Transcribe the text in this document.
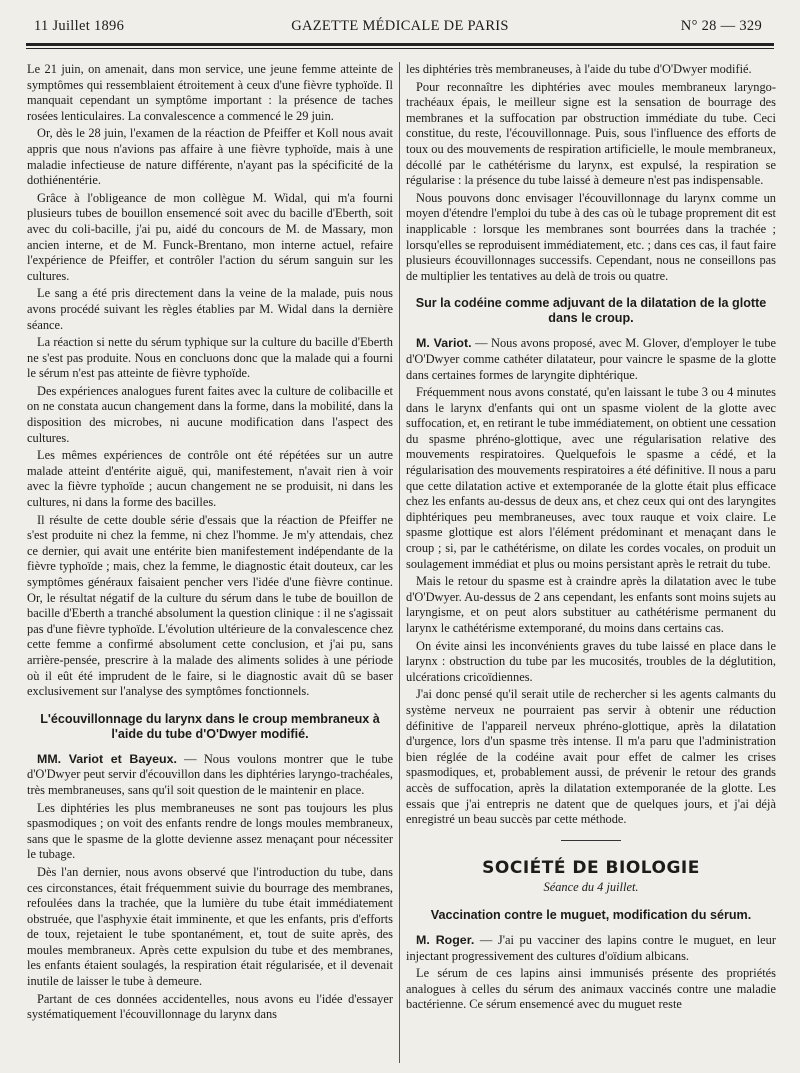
11 Juillet 1896	GAZETTE MÉDICALE DE PARIS	N° 28 — 329

Le 21 juin, on amenait, dans mon service, une jeune femme atteinte de symptômes qui ressemblaient étroitement à ceux d'une fièvre typhoïde. Il manquait cependant un symptôme important : la présence de taches rosées lenticulaires. La convalescence a commencé le 29 juin.

Or, dès le 28 juin, l'examen de la réaction de Pfeiffer et Koll nous avait appris que nous n'avions pas affaire à une fièvre typhoïde, mais à une maladie infectieuse de nature différente, n'ayant pas la spécificité de la dothiénentérie.

Grâce à l'obligeance de mon collègue M. Widal, qui m'a fourni plusieurs tubes de bouillon ensemencé soit avec du bacille d'Eberth, soit avec du coli-bacille, j'ai pu, aidé du concours de M. de Massary, mon ancien interne, et de M. Funck-Brentano, mon interne actuel, refaire l'expérience de Pfeiffer, et contrôler l'action du sérum sanguin sur les cultures.

Le sang a été pris directement dans la veine de la malade, puis nous avons procédé suivant les règles établies par M. Widal dans la dernière séance.

La réaction si nette du sérum typhique sur la culture du bacille d'Eberth ne s'est pas produite. Nous en concluons donc que la malade qui a fourni le sérum n'est pas atteinte de fièvre typhoïde.

Des expériences analogues furent faites avec la culture de colibacille et on ne constata aucun changement dans la forme, dans la mobilité, dans la disposition des microbes, ni aucune modification dans l'aspect des cultures.

Les mêmes expériences de contrôle ont été répétées sur un autre malade atteint d'entérite aiguë, qui, manifestement, n'avait rien à voir avec la fièvre typhoïde ; aucun changement ne se produisit, ni dans les cultures, ni dans la forme des bacilles.

Il résulte de cette double série d'essais que la réaction de Pfeiffer ne s'est produite ni chez la femme, ni chez l'homme. Je m'y attendais, chez ce dernier, qui avait une entérite bien manifestement indépendante de la fièvre typhoïde ; mais, chez la femme, le diagnostic était douteux, car les symptômes généraux faisaient pencher vers l'idée d'une fièvre continue. Or, le résultat négatif de la culture du sérum dans le tube de bouillon de bacille d'Eberth a tranché absolument la question clinique : il ne s'agissait pas d'une fièvre typhoïde. L'évolution ultérieure de la convalescence chez cette femme a confirmé absolument cette conclusion, et j'ai pu, sans arrière-pensée, prescrire à la malade des aliments solides à une période où il eût été imprudent de le faire, si le diagnostic avait dû se baser exclusivement sur l'analyse des symptômes fonctionnels.

L'écouvillonnage du larynx dans le croup membraneux à l'aide du tube d'O'Dwyer modifié.

MM. Variot et Bayeux. — Nous voulons montrer que le tube d'O'Dwyer peut servir d'écouvillon dans les diphtéries laryngo-trachéales, très membraneuses, sans qu'il soit question de le maintenir en place.

Les diphtéries les plus membraneuses ne sont pas toujours les plus spasmodiques ; on voit des enfants rendre de longs moules membraneux, sans que le spasme de la glotte devienne assez menaçant pour nécessiter le tubage.

Dès l'an dernier, nous avons observé que l'introduction du tube, dans ces circonstances, était fréquemment suivie du bourrage des membranes, refoulées dans la trachée, que la lumière du tube était immédiatement obstruée, que l'asphyxie était imminente, et que les enfants, pris d'efforts de toux, rejetaient le tube spontanément, et, tout de suite après, des moules membraneux. Après cette expulsion du tube et des membranes, les enfants étaient soulagés, la respiration était régularisée, et il devenait inutile de laisser le tube à demeure.

Partant de ces données accidentelles, nous avons eu l'idée d'essayer systématiquement l'écouvillonnage du larynx dans

les diphtéries très membraneuses, à l'aide du tube d'O'Dwyer modifié.

Pour reconnaître les diphtéries avec moules membraneux laryngo-trachéaux épais, le meilleur signe est la sensation de bourrage des membranes et la suffocation par obstruction immédiate du tube. Ceci constitue, du reste, l'écouvillonnage. Puis, sous l'influence des efforts de toux ou des mouvements de respiration artificielle, le moule membraneux, décollé par le cathétérisme du larynx, est expulsé, la respiration se régularise : la présence du tube laissé à demeure n'est pas indispensable.

Nous pouvons donc envisager l'écouvillonnage du larynx comme un moyen d'étendre l'emploi du tube à des cas où le tubage proprement dit est inapplicable : lorsque les membranes sont bourrées dans la trachée ; lorsqu'elles se reproduisent immédiatement, etc. ; dans ces cas, il faut faire plusieurs écouvillonnages successifs. Cependant, nous ne conseillons pas de multiplier les tentatives au delà de trois ou quatre.

Sur la codéine comme adjuvant de la dilatation de la glotte dans le croup.

M. Variot. — Nous avons proposé, avec M. Glover, d'employer le tube d'O'Dwyer comme cathéter dilatateur, pour vaincre le spasme de la glotte dans certaines formes de laryngite diphtérique.

Fréquemment nous avons constaté, qu'en laissant le tube 3 ou 4 minutes dans le larynx d'enfants qui ont un spasme violent de la glotte avec suffocation, et, en retirant le tube immédiatement, on obtient une cessation du spasme phréno-glottique, avec une régularisation relative des mouvements respiratoires. Quelquefois le spasme a cédé, et la régularisation des mouvements respiratoires a été définitive. Il nous a paru que cette dilatation active et extemporanée de la glotte était plus efficace chez les enfants au-dessus de deux ans, et chez ceux qui ont des laryngites diphtériques peu membraneuses, avec toux rauque et voix claire. Le spasme glottique est alors l'élément prédominant et menaçant dans le croup ; si, par le cathétérisme, on dilate les cordes vocales, on produit un soulagement immédiat et plus ou moins persistant après le retrait du tube.

Mais le retour du spasme est à craindre après la dilatation avec le tube d'O'Dwyer. Au-dessus de 2 ans cependant, les enfants sont moins sujets au laryngisme, et on peut alors substituer au cathétérisme permanent du larynx le cathétérisme extemporané, du moins dans certains cas.

On évite ainsi les inconvénients graves du tube laissé en place dans le larynx : obstruction du tube par les mucosités, troubles de la déglutition, ulcérations cricoïdiennes.

J'ai donc pensé qu'il serait utile de rechercher si les agents calmants du système nerveux ne pourraient pas servir à obtenir une réduction définitive de l'appareil nerveux phréno-glottique, après la dilatation d'urgence, lors d'un spasme très intense. Il m'a paru que l'administration bien réglée de la codéine avait pour effet de calmer les crises spasmodiques, et, probablement aussi, de prévenir le retour des grands accès de suffocation, après la dilatation extemporanée de la glotte. Les essais que j'ai entrepris ne datent que de quelques jours, et j'ai déjà enregistré un beau succès par cette méthode.

SOCIÉTÉ DE BIOLOGIE
Séance du 4 juillet.
Vaccination contre le muguet, modification du sérum.

M. Roger. — J'ai pu vacciner des lapins contre le muguet, en leur injectant progressivement des cultures d'oïdium albicans.

Le sérum de ces lapins ainsi immunisés présente des propriétés analogues à celles du sérum des animaux vaccinés contre une maladie bactérienne. Ce sérum ensemencé avec du muguet reste
